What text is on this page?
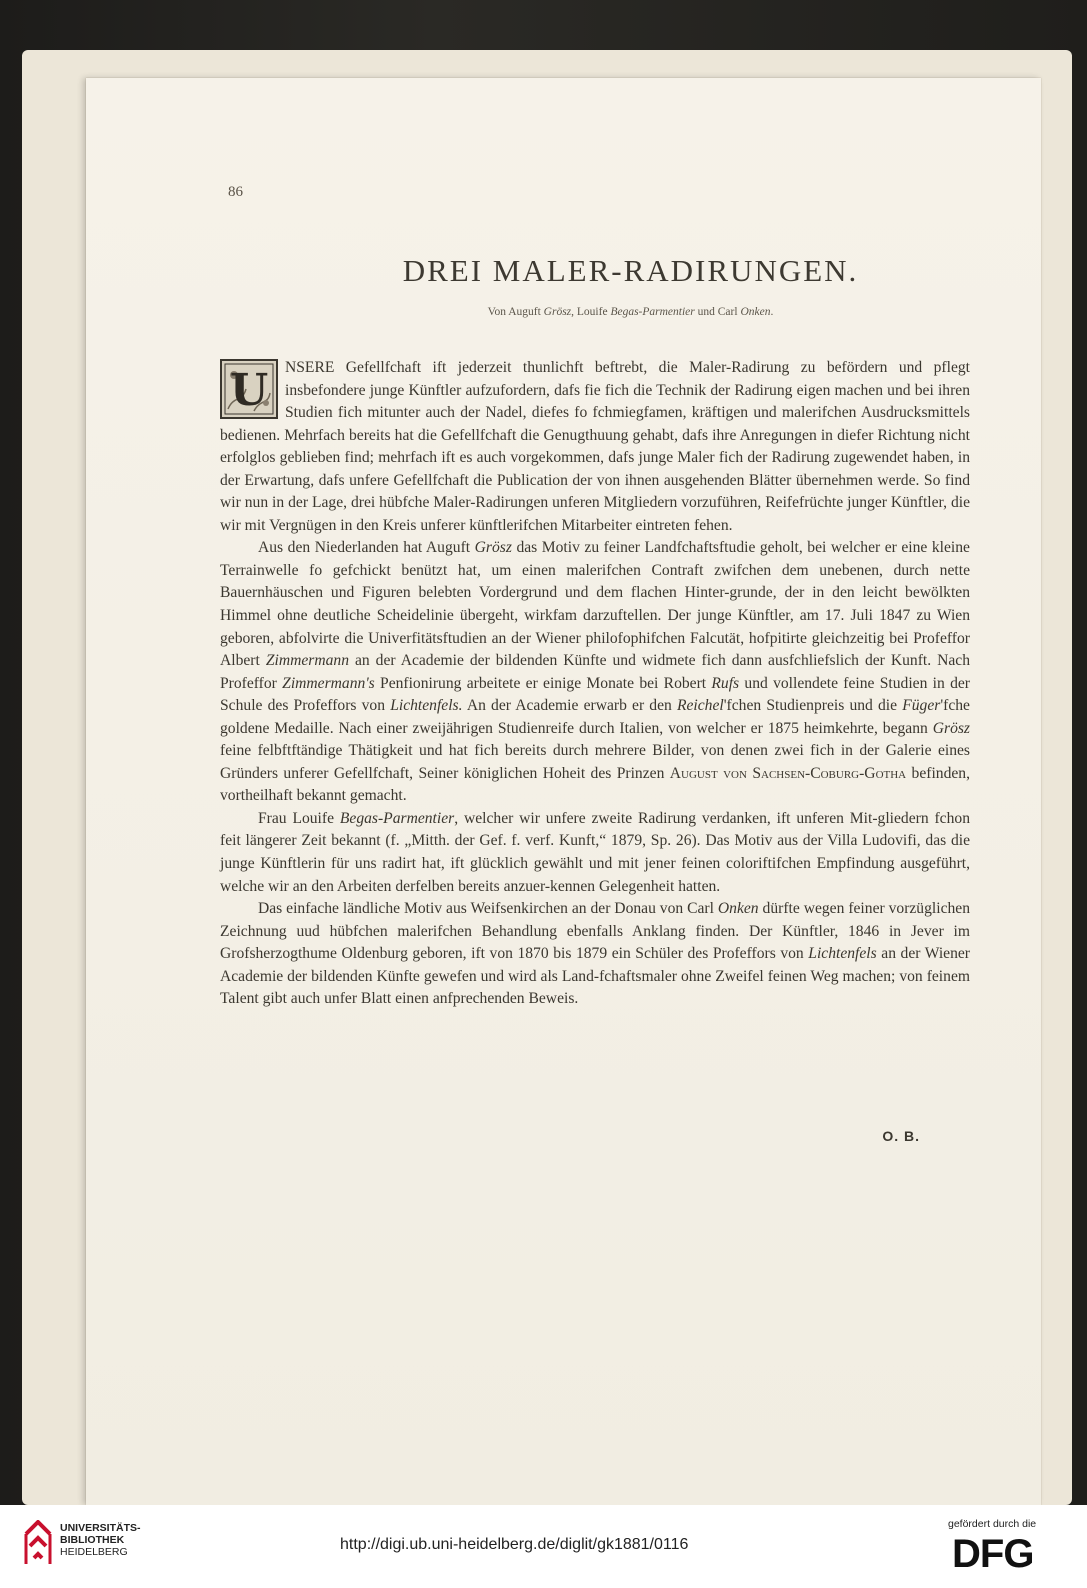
86
DREI MALER-RADIRUNGEN.
Von Auguft Grösz, Louife Begas-Parmentier und Carl Onken.

U NSERE Gefellfchaft ift jederzeit thunlichft beftrebt, die Maler-Radirung zu befördern und pflegt insbefondere junge Künftler aufzufordern, dafs fie fich die Technik der Radirung eigen machen und bei ihren Studien fich mitunter auch der Nadel, diefes fo fchmiegfamen, kräftigen und malerifchen Ausdrucksmittels bedienen. Mehrfach bereits hat die Gefellfchaft die Genugthuung gehabt, dafs ihre Anregungen in diefer Richtung nicht erfolglos geblieben find; mehrfach ift es auch vorgekommen, dafs junge Maler fich der Radirung zugewendet haben, in der Erwartung, dafs unfere Gefellfchaft die Publication der von ihnen ausgehenden Blätter übernehmen werde. So find wir nun in der Lage, drei hübfche Maler-Radirungen unferen Mitgliedern vorzuführen, Reifefrüchte junger Künftler, die wir mit Vergnügen in den Kreis unferer künftlerifchen Mitarbeiter eintreten fehen.

Aus den Niederlanden hat Auguft Grösz das Motiv zu feiner Landfchaftsftudie geholt, bei welcher er eine kleine Terrainwelle fo gefchickt benützt hat, um einen malerifchen Contraft zwifchen dem unebenen, durch nette Bauernhäuschen und Figuren belebten Vordergrund und dem flachen Hinter-grunde, der in den leicht bewölkten Himmel ohne deutliche Scheidelinie übergeht, wirkfam darzuftellen. Der junge Künftler, am 17. Juli 1847 zu Wien geboren, abfolvirte die Univerfitätsftudien an der Wiener philofophifchen Falcutät, hofpitirte gleichzeitig bei Profeffor Albert Zimmermann an der Academie der bildenden Künfte und widmete fich dann ausfchliefslich der Kunft. Nach Profeffor Zimmermann's Penfionirung arbeitete er einige Monate bei Robert Rufs und vollendete feine Studien in der Schule des Profeffors von Lichtenfels. An der Academie erwarb er den Reichel'fchen Studienpreis und die Füger'fche goldene Medaille. Nach einer zweijährigen Studienreife durch Italien, von welcher er 1875 heimkehrte, begann Grösz feine felbftftändige Thätigkeit und hat fich bereits durch mehrere Bilder, von denen zwei fich in der Galerie eines Gründers unferer Gefellfchaft, Seiner königlichen Hoheit des Prinzen August von Sachsen-Coburg-Gotha befinden, vortheilhaft bekannt gemacht.

Frau Louife Begas-Parmentier, welcher wir unfere zweite Radirung verdanken, ift unferen Mit-gliedern fchon feit längerer Zeit bekannt (f. „Mitth. der Gef. f. verf. Kunft,“ 1879, Sp. 26). Das Motiv aus der Villa Ludovifi, das die junge Künftlerin für uns radirt hat, ift glücklich gewählt und mit jener feinen coloriftifchen Empfindung ausgeführt, welche wir an den Arbeiten derfelben bereits anzuer-kennen Gelegenheit hatten.

Das einfache ländliche Motiv aus Weifsenkirchen an der Donau von Carl Onken dürfte wegen feiner vorzüglichen Zeichnung uud hübfchen malerifchen Behandlung ebenfalls Anklang finden. Der Künftler, 1846 in Jever im Grofsherzogthume Oldenburg geboren, ift von 1870 bis 1879 ein Schüler des Profeffors von Lichtenfels an der Wiener Academie der bildenden Künfte gewefen und wird als Land-fchaftsmaler ohne Zweifel feinen Weg machen; von feinem Talent gibt auch unfer Blatt einen anfprechenden Beweis.

O. B.
UNIVERSITÄTS-
BIBLIOTHEK
HEIDELBERG	http://digi.ub.uni-heidelberg.de/diglit/gk1881/0116
gefördert durch die
DFG
